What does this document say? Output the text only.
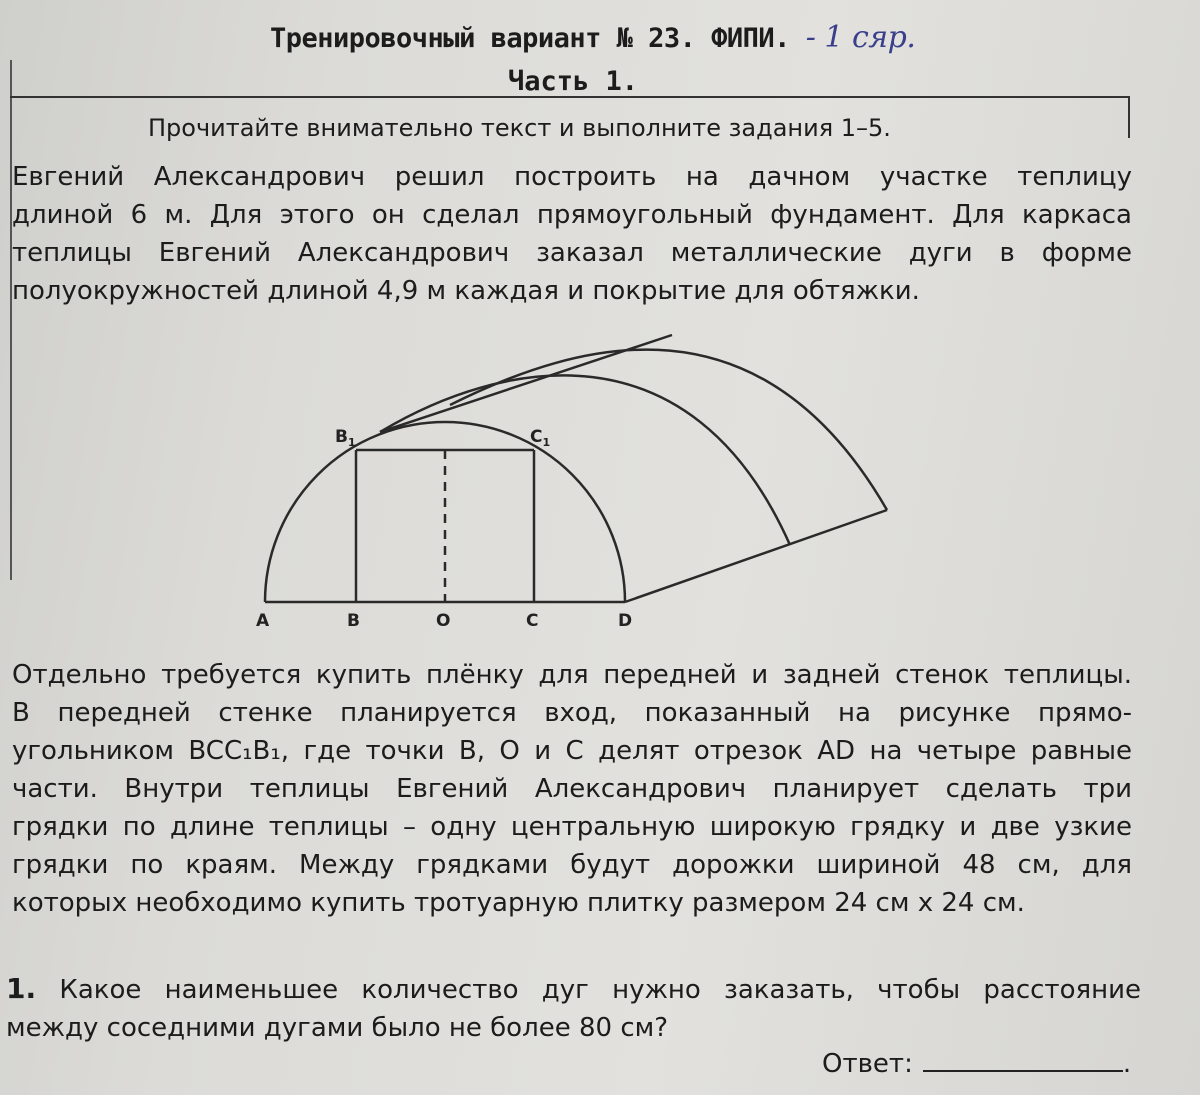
Тренировочный вариант № 23. ФИПИ. - 1 сяр.
Часть 1.
Прочитайте внимательно текст и выполните задания 1–5.
Евгений Александрович решил построить на дачном участке теплицу
длиной 6 м. Для этого он сделал прямоугольный фундамент. Для каркаса
теплицы Евгений Александрович заказал металлические дуги в форме
полуокружностей длиной 4,9 м каждая и покрытие для обтяжки.
$B_1$	$C_1$
A	B	O	C	D
Отдельно требуется купить плёнку для передней и задней стенок теплицы.
В передней стенке планируется вход, показанный на рисунке прямо-
угольником BCC₁B₁, где точки B, O и C делят отрезок AD на четыре равные
части. Внутри теплицы Евгений Александрович планирует сделать три
грядки по длине теплицы – одну центральную широкую грядку и две узкие
грядки по краям. Между грядками будут дорожки шириной 48 см, для
которых необходимо купить тротуарную плитку размером 24 см х 24 см.
1. Какое наименьшее количество дуг нужно заказать, чтобы расстояние
между соседними дугами было не более 80 см?
Ответ:	.
